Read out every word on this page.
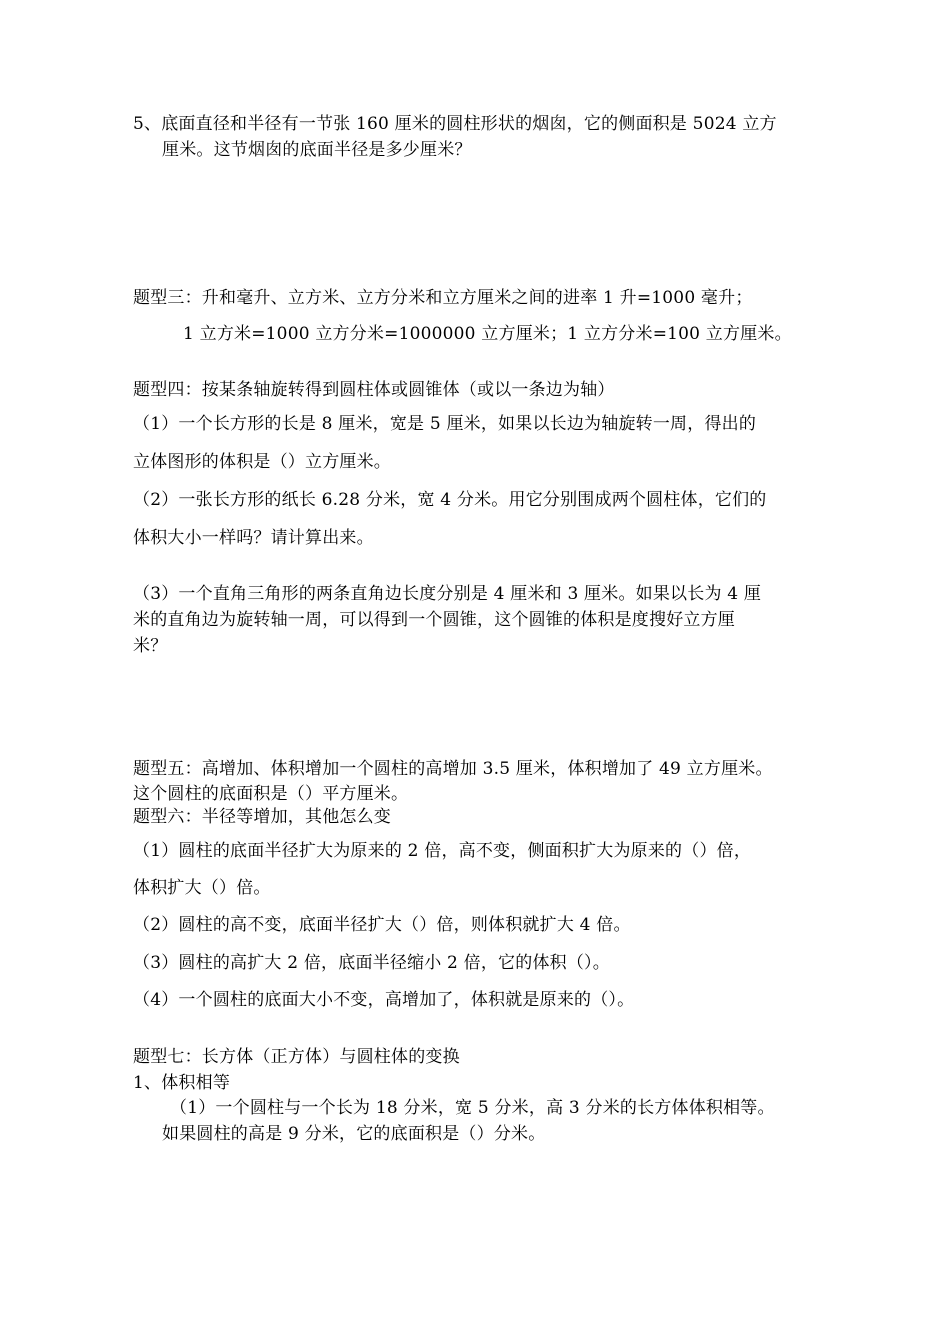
5、底面直径和半径有一节张 160 厘米的圆柱形状的烟囱，它的侧面积是 5024 立方
厘米。这节烟囱的底面半径是多少厘米？
题型三：升和毫升、立方米、立方分米和立方厘米之间的进率 1 升=1000 毫升；
1 立方米=1000 立方分米=1000000 立方厘米；1 立方分米=100 立方厘米。
题型四：按某条轴旋转得到圆柱体或圆锥体（或以一条边为轴）
（1）一个长方形的长是 8 厘米，宽是 5 厘米，如果以长边为轴旋转一周，得出的
立体图形的体积是（）立方厘米。
（2）一张长方形的纸长 6.28 分米，宽 4 分米。用它分别围成两个圆柱体，它们的
体积大小一样吗？请计算出来。
（3）一个直角三角形的两条直角边长度分别是 4 厘米和 3 厘米。如果以长为 4 厘
米的直角边为旋转轴一周，可以得到一个圆锥，这个圆锥的体积是度搜好立方厘
米？
题型五：高增加、体积增加一个圆柱的高增加 3.5 厘米，体积增加了 49 立方厘米。
这个圆柱的底面积是（）平方厘米。
题型六：半径等增加，其他怎么变
（1）圆柱的底面半径扩大为原来的 2 倍，高不变，侧面积扩大为原来的（）倍，
体积扩大（）倍。
（2）圆柱的高不变，底面半径扩大（）倍，则体积就扩大 4 倍。
（3）圆柱的高扩大 2 倍，底面半径缩小 2 倍，它的体积（）。
（4）一个圆柱的底面大小不变，高增加了，体积就是原来的（）。
题型七：长方体（正方体）与圆柱体的变换
1、体积相等
（1）一个圆柱与一个长为 18 分米，宽 5 分米，高 3 分米的长方体体积相等。
如果圆柱的高是 9 分米，它的底面积是（）分米。
